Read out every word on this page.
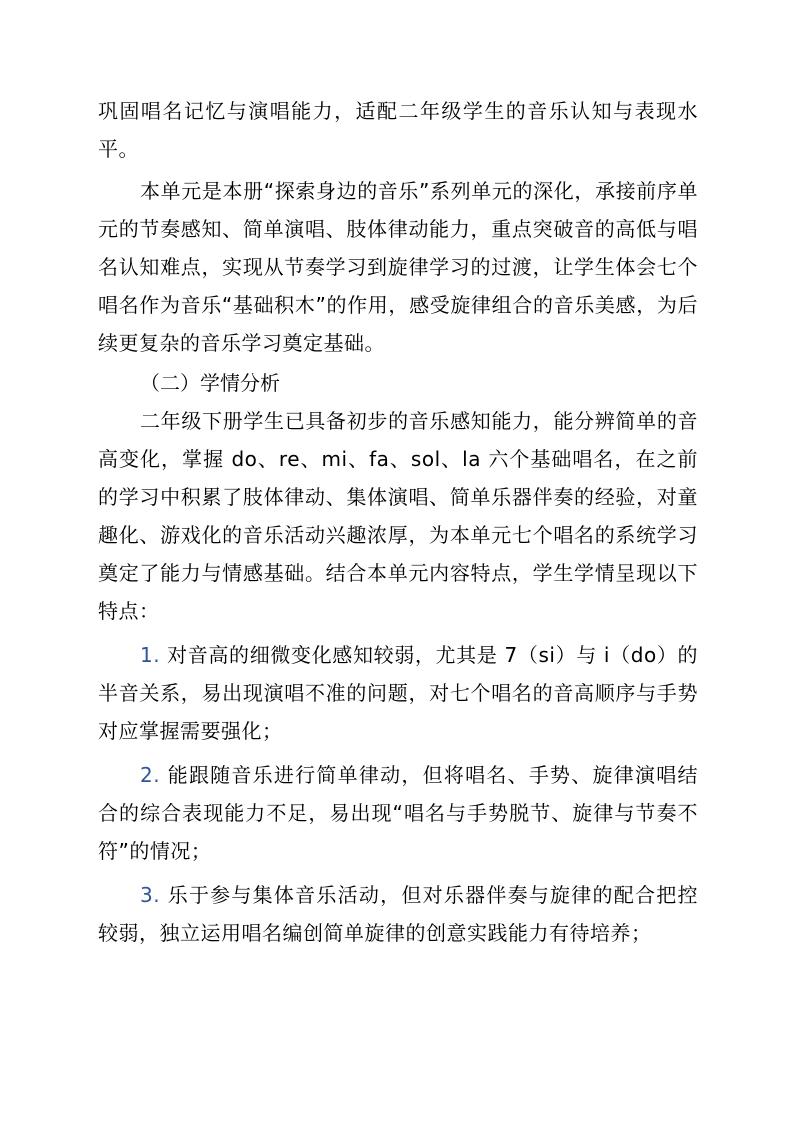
巩固唱名记忆与演唱能力，适配二年级学生的音乐认知与表现水平。

本单元是本册“探索身边的音乐”系列单元的深化，承接前序单元的节奏感知、简单演唱、肢体律动能力，重点突破音的高低与唱名认知难点，实现从节奏学习到旋律学习的过渡，让学生体会七个唱名作为音乐“基础积木”的作用，感受旋律组合的音乐美感，为后续更复杂的音乐学习奠定基础。

（二）学情分析

二年级下册学生已具备初步的音乐感知能力，能分辨简单的音高变化，掌握 do、re、mi、fa、sol、la 六个基础唱名，在之前的学习中积累了肢体律动、集体演唱、简单乐器伴奏的经验，对童趣化、游戏化的音乐活动兴趣浓厚，为本单元七个唱名的系统学习奠定了能力与情感基础。结合本单元内容特点，学生学情呈现以下特点：

1. 对音高的细微变化感知较弱，尤其是 7（si）与 i（do）的半音关系，易出现演唱不准的问题，对七个唱名的音高顺序与手势对应掌握需要强化；

2. 能跟随音乐进行简单律动，但将唱名、手势、旋律演唱结合的综合表现能力不足，易出现“唱名与手势脱节、旋律与节奏不符”的情况；

3. 乐于参与集体音乐活动，但对乐器伴奏与旋律的配合把控较弱，独立运用唱名编创简单旋律的创意实践能力有待培养；
